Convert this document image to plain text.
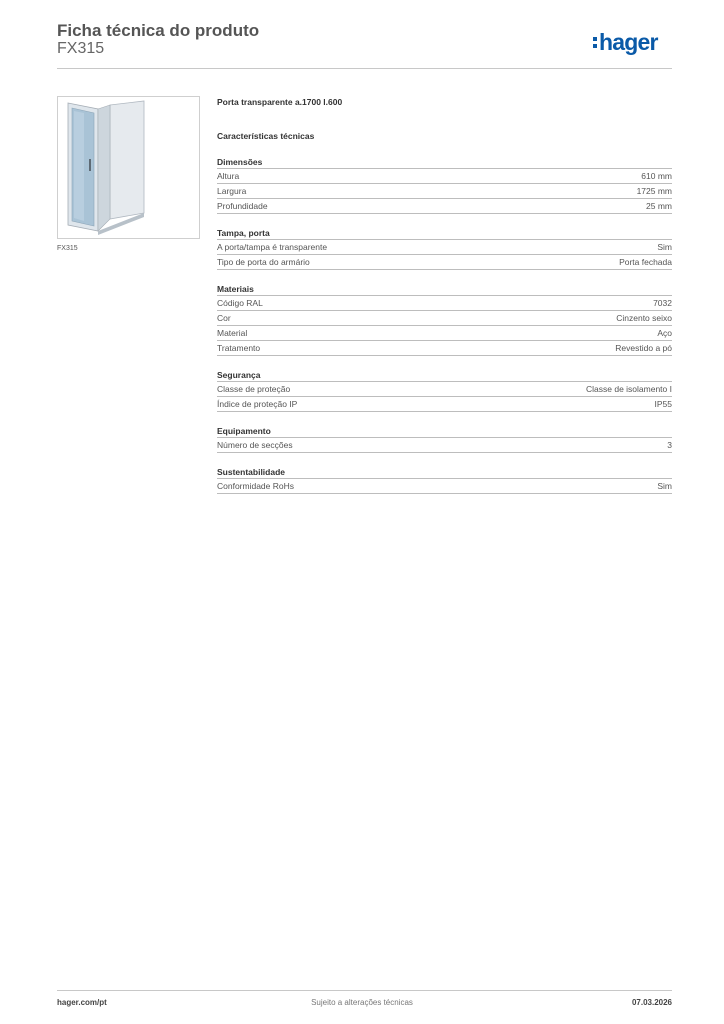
Ficha técnica do produto
FX315	hager
FX315
Porta transparente a.1700 l.600
Características técnicas
Dimensões
Altura	610 mm
Largura	1725 mm
Profundidade	25 mm
Tampa, porta
A porta/tampa é transparente	Sim
Tipo de porta do armário	Porta fechada
Materiais
Código RAL	7032
Cor	Cinzento seixo
Material	Aço
Tratamento	Revestido a pó
Segurança
Classe de proteção	Classe de isolamento I
Índice de proteção IP	IP55
Equipamento
Número de secções	3
Sustentabilidade
Conformidade RoHs	Sim
hager.com/pt	Sujeito a alterações técnicas	07.03.2026
